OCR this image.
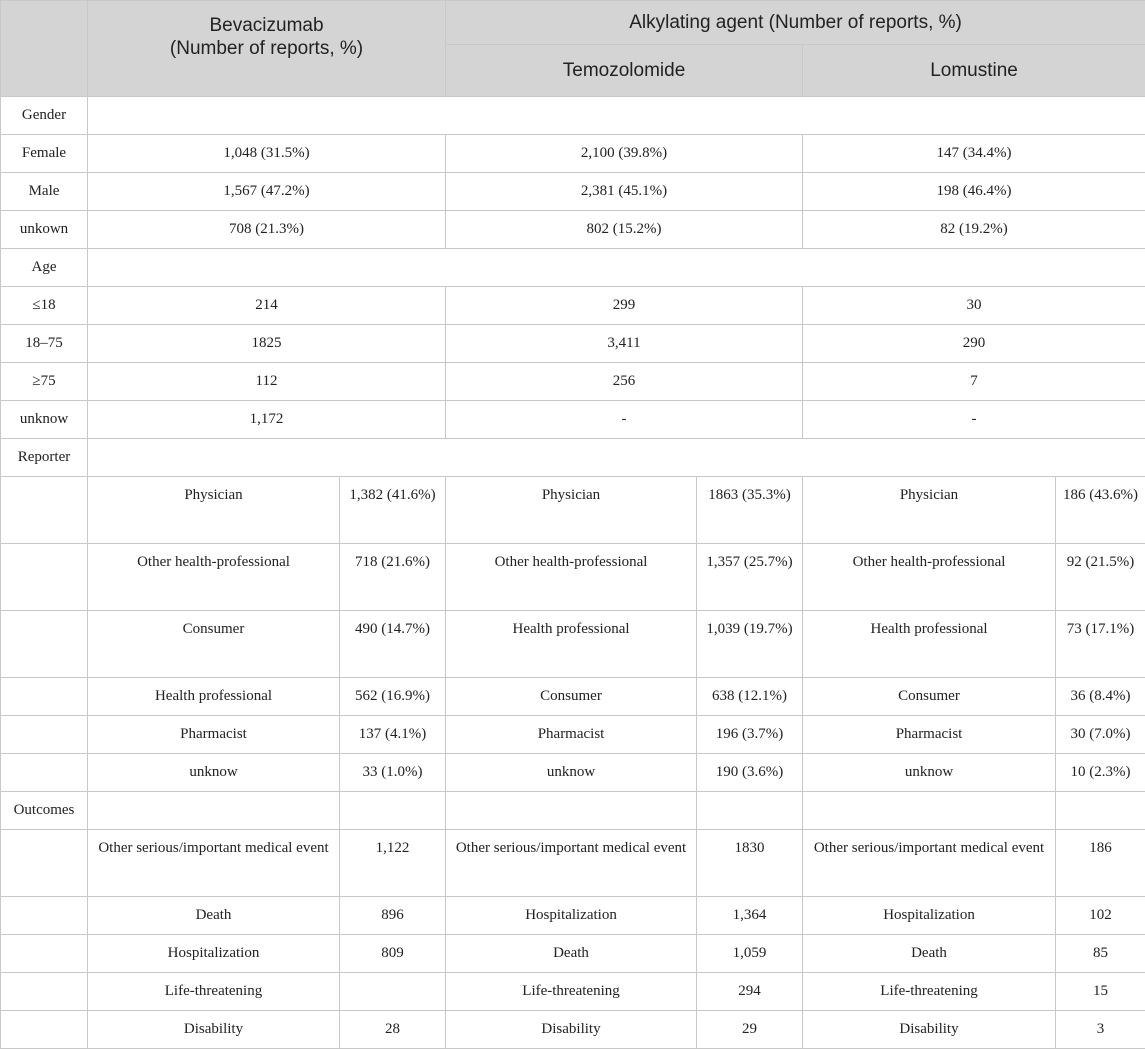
	Bevacizumab
(Number of reports, %)		Alkylating agent (Number of reports, %)			
			Temozolomide		Lomustine	
Gender						
Female	1,048 (31.5%)		2,100 (39.8%)		147 (34.4%)	
Male	1,567 (47.2%)		2,381 (45.1%)		198 (46.4%)	
unkown	708 (21.3%)		802 (15.2%)		82 (19.2%)	
Age						
≤18	214		299		30	
18–75	1825		3,411		290	
≥75	112		256		7	
unknow	1,172		-		-	
Reporter						
	Physician	1,382 (41.6%)	Physician	1863 (35.3%)	Physician	186 (43.6%)
	Other health-professional	718 (21.6%)	Other health-professional	1,357 (25.7%)	Other health-professional	92 (21.5%)
	Consumer	490 (14.7%)	Health professional	1,039 (19.7%)	Health professional	73 (17.1%)
	Health professional	562 (16.9%)	Consumer	638 (12.1%)	Consumer	36 (8.4%)
	Pharmacist	137 (4.1%)	Pharmacist	196 (3.7%)	Pharmacist	30 (7.0%)
	unknow	33 (1.0%)	unknow	190 (3.6%)	unknow	10 (2.3%)
Outcomes						
	Other serious/important medical event	1,122	Other serious/important medical event	1830	Other serious/important medical event	186
	Death	896	Hospitalization	1,364	Hospitalization	102
	Hospitalization	809	Death	1,059	Death	85
	Life-threatening		Life-threatening	294	Life-threatening	15
	Disability	28	Disability	29	Disability	3
